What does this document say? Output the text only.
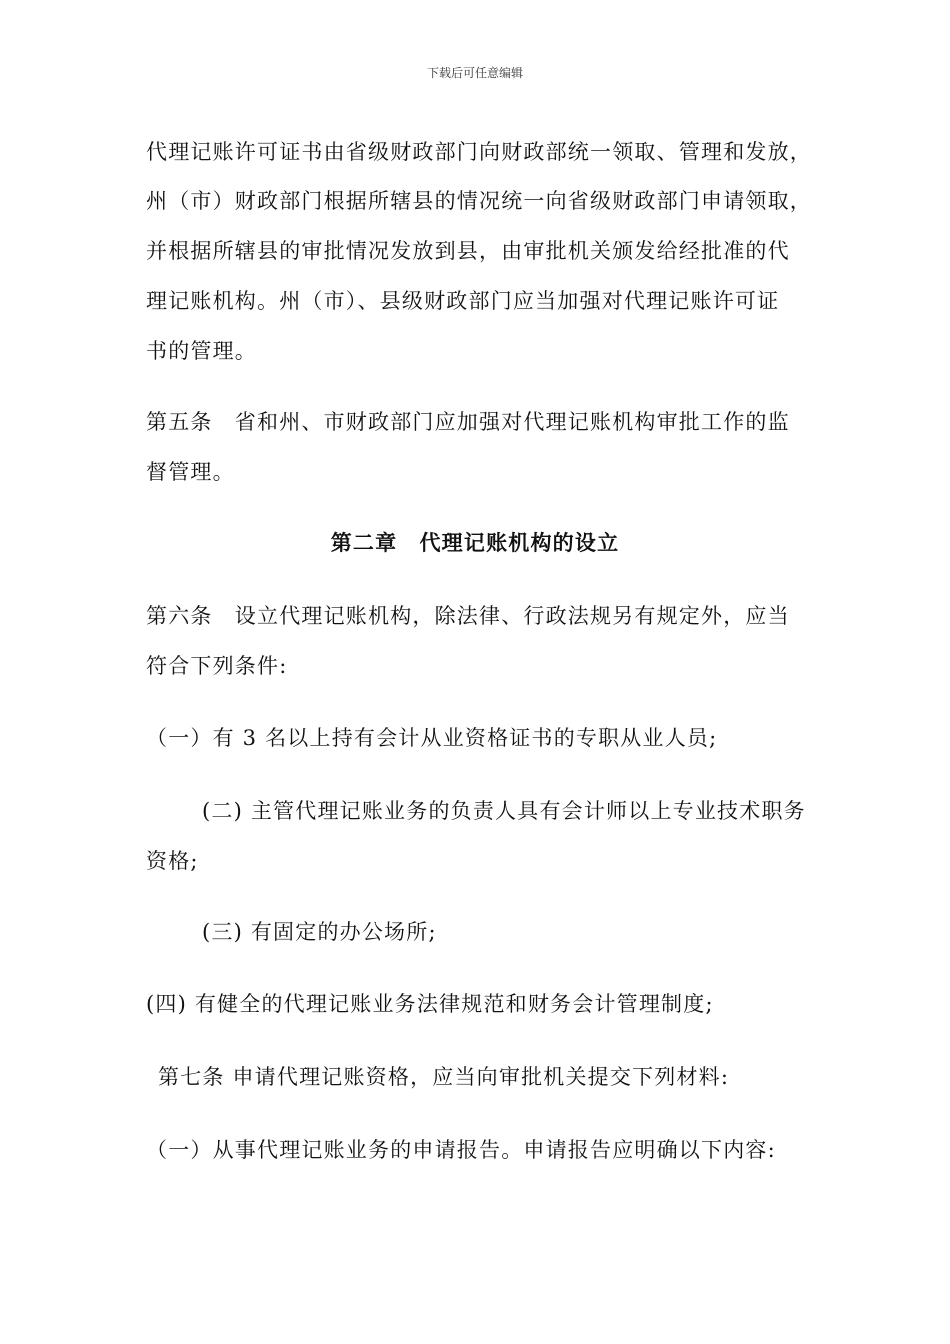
下载后可任意编辑
代理记账许可证书由省级财政部门向财政部统一领取、管理和发放，
州（市）财政部门根据所辖县的情况统一向省级财政部门申请领取，
并根据所辖县的审批情况发放到县，由审批机关颁发给经批准的代
理记账机构。州（市）、县级财政部门应当加强对代理记账许可证
书的管理。
第五条　省和州、市财政部门应加强对代理记账机构审批工作的监
督管理。
第二章　代理记账机构的设立
第六条　设立代理记账机构，除法律、行政法规另有规定外，应当
符合下列条件:
（一）有 3 名以上持有会计从业资格证书的专职从业人员;
(二) 主管代理记账业务的负责人具有会计师以上专业技术职务
资格;
(三) 有固定的办公场所;
(四) 有健全的代理记账业务法律规范和财务会计管理制度;
第七条 申请代理记账资格，应当向审批机关提交下列材料:
（一）从事代理记账业务的申请报告。申请报告应明确以下内容:
